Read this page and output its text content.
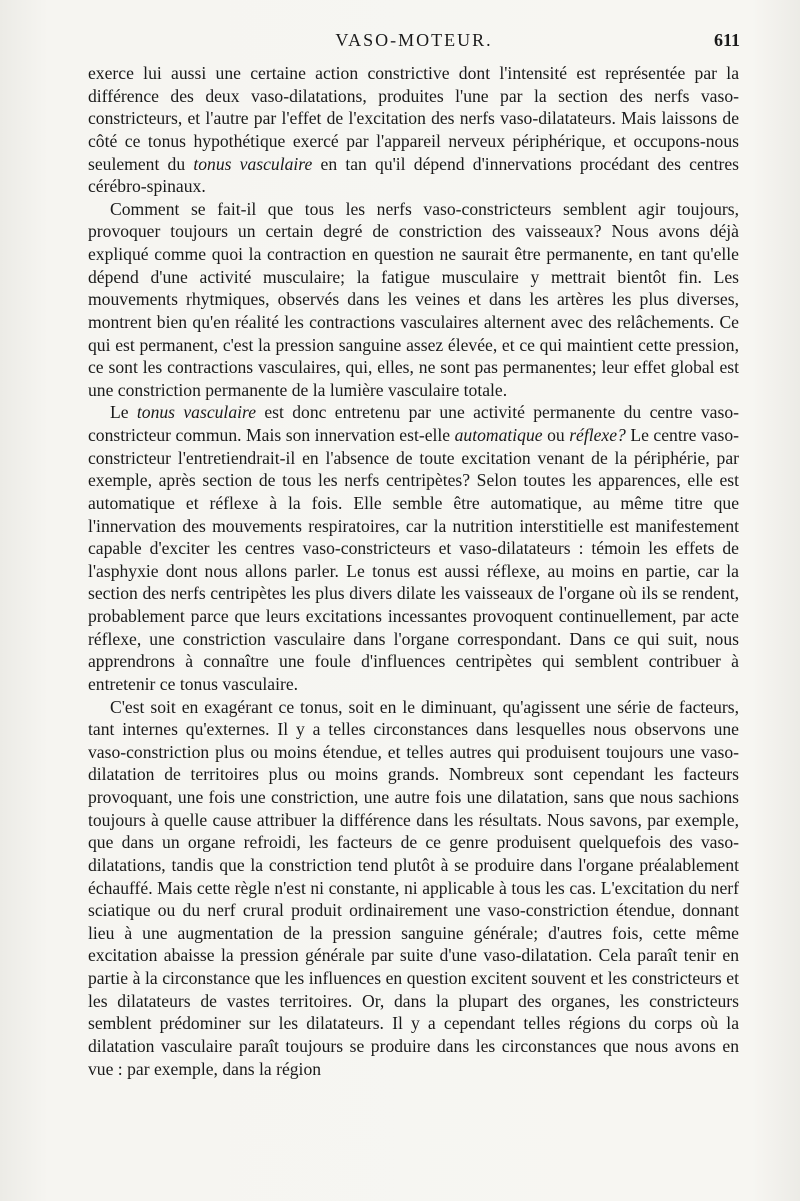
VASO-MOTEUR.	611

exerce lui aussi une certaine action constrictive dont l'intensité est représentée par la différence des deux vaso-dilatations, produites l'une par la section des nerfs vaso-constricteurs, et l'autre par l'effet de l'excitation des nerfs vaso-dilatateurs. Mais laissons de côté ce tonus hypothétique exercé par l'appareil nerveux périphérique, et occupons-nous seulement du tonus vasculaire en tan qu'il dépend d'innervations procédant des centres cérébro-spinaux.

Comment se fait-il que tous les nerfs vaso-constricteurs semblent agir toujours, provoquer toujours un certain degré de constriction des vaisseaux? Nous avons déjà expliqué comme quoi la contraction en question ne saurait être permanente, en tant qu'elle dépend d'une activité musculaire; la fatigue musculaire y mettrait bientôt fin. Les mouvements rhytmiques, observés dans les veines et dans les artères les plus diverses, montrent bien qu'en réalité les contractions vasculaires alternent avec des relâchements. Ce qui est permanent, c'est la pression sanguine assez élevée, et ce qui maintient cette pression, ce sont les contractions vasculaires, qui, elles, ne sont pas permanentes; leur effet global est une constriction permanente de la lumière vasculaire totale.

Le tonus vasculaire est donc entretenu par une activité permanente du centre vaso-constricteur commun. Mais son innervation est-elle automatique ou réflexe? Le centre vaso-constricteur l'entretiendrait-il en l'absence de toute excitation venant de la périphérie, par exemple, après section de tous les nerfs centripètes? Selon toutes les apparences, elle est automatique et réflexe à la fois. Elle semble être automatique, au même titre que l'innervation des mouvements respiratoires, car la nutrition interstitielle est manifestement capable d'exciter les centres vaso-constricteurs et vaso-dilatateurs : témoin les effets de l'asphyxie dont nous allons parler. Le tonus est aussi réflexe, au moins en partie, car la section des nerfs centripètes les plus divers dilate les vaisseaux de l'organe où ils se rendent, probablement parce que leurs excitations incessantes provoquent continuellement, par acte réflexe, une constriction vasculaire dans l'organe correspondant. Dans ce qui suit, nous apprendrons à connaître une foule d'influences centripètes qui semblent contribuer à entretenir ce tonus vasculaire.

C'est soit en exagérant ce tonus, soit en le diminuant, qu'agissent une série de facteurs, tant internes qu'externes. Il y a telles circonstances dans lesquelles nous observons une vaso-constriction plus ou moins étendue, et telles autres qui produisent toujours une vaso-dilatation de territoires plus ou moins grands. Nombreux sont cependant les facteurs provoquant, une fois une constriction, une autre fois une dilatation, sans que nous sachions toujours à quelle cause attribuer la différence dans les résultats. Nous savons, par exemple, que dans un organe refroidi, les facteurs de ce genre produisent quelquefois des vaso-dilatations, tandis que la constriction tend plutôt à se produire dans l'organe préalablement échauffé. Mais cette règle n'est ni constante, ni applicable à tous les cas. L'excitation du nerf sciatique ou du nerf crural produit ordinairement une vaso-constriction étendue, donnant lieu à une augmentation de la pression sanguine générale; d'autres fois, cette même excitation abaisse la pression générale par suite d'une vaso-dilatation. Cela paraît tenir en partie à la circonstance que les influences en question excitent souvent et les constricteurs et les dilatateurs de vastes territoires. Or, dans la plupart des organes, les constricteurs semblent prédominer sur les dilatateurs. Il y a cependant telles régions du corps où la dilatation vasculaire paraît toujours se produire dans les circonstances que nous avons en vue : par exemple, dans la région
